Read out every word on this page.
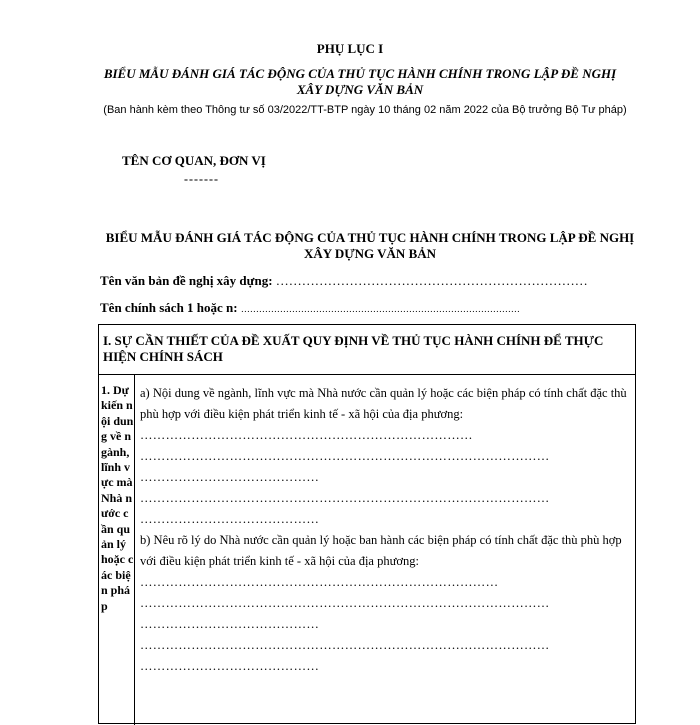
PHỤ LỤC I
BIỂU MẪU ĐÁNH GIÁ TÁC ĐỘNG CỦA THỦ TỤC HÀNH CHÍNH TRONG LẬP ĐỀ NGHỊ XÂY DỰNG VĂN BẢN
(Ban hành kèm theo Thông tư số 03/2022/TT-BTP ngày 10 tháng 02 năm 2022 của Bộ trưởng Bộ Tư pháp)
TÊN CƠ QUAN, ĐƠN VỊ
-------
BIỂU MẪU ĐÁNH GIÁ TÁC ĐỘNG CỦA THỦ TỤC HÀNH CHÍNH TRONG LẬP ĐỀ NGHỊ XÂY DỰNG VĂN BẢN
Tên văn bản đề nghị xây dựng: ………………………………………………………………
Tên chính sách 1 hoặc n: …………………………………………………………………………………
I. SỰ CẦN THIẾT CỦA ĐỀ XUẤT QUY ĐỊNH VỀ THỦ TỤC HÀNH CHÍNH ĐỂ THỰC HIỆN CHÍNH SÁCH
1. Dự kiến nội dung về ngành, lĩnh vực mà Nhà nước cần quản lý hoặc các biện pháp
a) Nội dung về ngành, lĩnh vực mà Nhà nước cần quản lý hoặc các biện pháp có tính chất đặc thù phù hợp với điều kiện phát triển kinh tế - xã hội của địa phương:
……………………………………………………………………
……………………………………………………………………………………
……………………………………
……………………………………………………………………………………
……………………………………
b) Nêu rõ lý do Nhà nước cần quản lý hoặc ban hành các biện pháp có tính chất đặc thù phù hợp với điều kiện phát triển kinh tế - xã hội của địa phương:
…………………………………………………………………………
……………………………………………………………………………………
……………………………………
……………………………………………………………………………………
……………………………………
